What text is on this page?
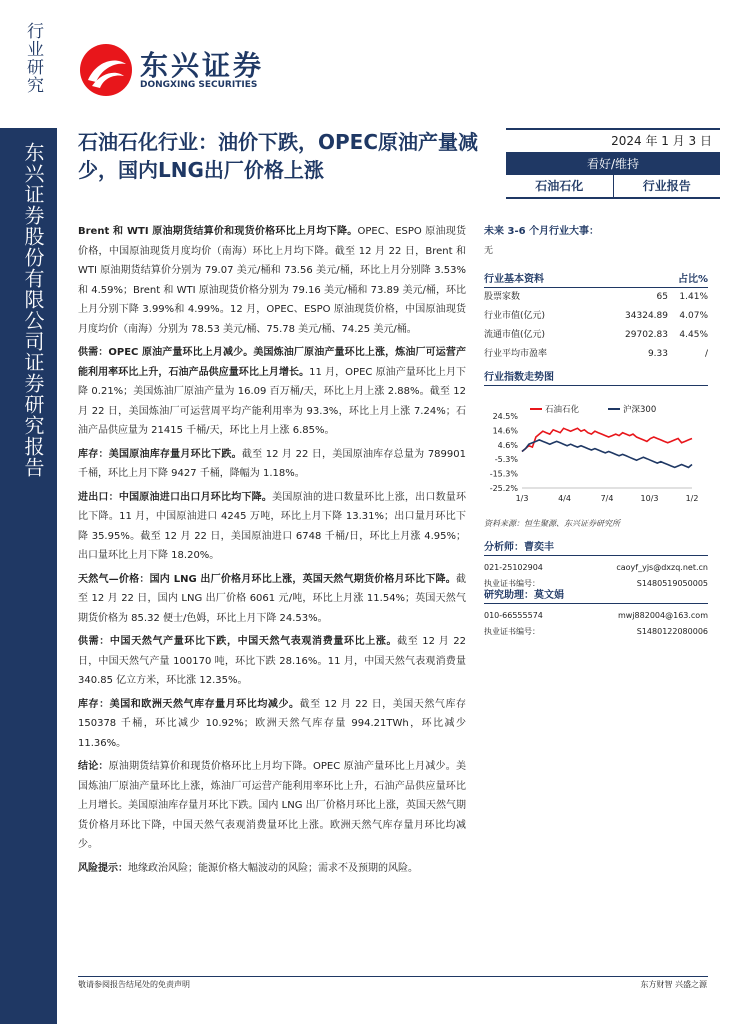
行业研究
东兴证券股份有限公司证券研究报告
东兴证券
DONGXING SECURITIES
石油石化行业：油价下跌，OPEC原油产量减少，国内LNG出厂价格上涨
2024 年 1 月 3 日
看好/维持
石油石化	行业报告

Brent 和 WTI 原油期货结算价和现货价格环比上月均下降。OPEC、ESPO 原油现货价格，中国原油现货月度均价（南海）环比上月均下降。截至 12 月 22 日，Brent 和 WTI 原油期货结算价分别为 79.07 美元/桶和 73.56 美元/桶，环比上月分别降 3.53%和 4.59%；Brent 和 WTI 原油现货价格分别为 79.16 美元/桶和 73.89 美元/桶，环比上月分别下降 3.99%和 4.99%。12 月，OPEC、ESPO 原油现货价格，中国原油现货月度均价（南海）分别为 78.53 美元/桶、75.78 美元/桶、74.25 美元/桶。

供需：OPEC 原油产量环比上月减少。美国炼油厂原油产量环比上涨，炼油厂可运营产能利用率环比上升，石油产品供应量环比上月增长。11 月，OPEC 原油产量环比上月下降 0.21%；美国炼油厂原油产量为 16.09 百万桶/天，环比上月上涨 2.88%。截至 12 月 22 日，美国炼油厂可运营周平均产能利用率为 93.3%，环比上月上涨 7.24%；石油产品供应量为 21415 千桶/天，环比上月上涨 6.85%。

库存：美国原油库存量月环比下跌。截至 12 月 22 日，美国原油库存总量为 789901 千桶，环比上月下降 9427 千桶，降幅为 1.18%。

进出口：中国原油进口出口月环比均下降。美国原油的进口数量环比上涨，出口数量环比下降。11 月，中国原油进口 4245 万吨，环比上月下降 13.31%；出口量月环比下降 35.95%。截至 12 月 22 日，美国原油进口 6748 千桶/日，环比上月涨 4.95%；出口量环比上月下降 18.20%。

天然气—价格：国内 LNG 出厂价格月环比上涨，英国天然气期货价格月环比下降。截至 12 月 22 日，国内 LNG 出厂价格 6061 元/吨，环比上月涨 11.54%；英国天然气期货价格为 85.32 便士/色姆，环比上月下降 24.53%。

供需：中国天然气产量环比下跌，中国天然气表观消费量环比上涨。截至 12 月 22 日，中国天然气产量 100170 吨，环比下跌 28.16%。11 月，中国天然气表观消费量 340.85 亿立方米，环比涨 12.35%。

库存：美国和欧洲天然气库存量月环比均减少。截至 12 月 22 日，美国天然气库存 150378 千桶，环比减少 10.92%；欧洲天然气库存量 994.21TWh，环比减少 11.36%。

结论：原油期货结算价和现货价格环比上月均下降。OPEC 原油产量环比上月减少。美国炼油厂原油产量环比上涨，炼油厂可运营产能利用率环比上升，石油产品供应量环比上月增长。美国原油库存量月环比下跌。国内 LNG 出厂价格月环比上涨，英国天然气期货价格月环比下降，中国天然气表观消费量环比上涨。欧洲天然气库存量月环比均减少。

风险提示：地缘政治风险；能源价格大幅波动的风险；需求不及预期的风险。

未来 3-6 个月行业大事：
无
行业基本资料	占比%
股票家数	65	1.41%
行业市值(亿元)	34324.89	4.07%
流通市值(亿元)	29702.83	4.45%
行业平均市盈率	9.33	/
行业指数走势图
石油石化	沪深300
24.5%
14.6%
4.6%
-5.3%
-15.3%
-25.2%
1/3	4/4	7/4	10/3	1/2
资料来源：恒生聚源、东兴证券研究所
分析师：曹奕丰
021-25102904	caoyf_yjs@dxzq.net.cn
执业证书编号：	S1480519050005
研究助理：莫文娟
010-66555574	mwj882004@163.com
执业证书编号：	S1480122080006
敬请参阅报告结尾处的免责声明	东方财智 兴盛之源
